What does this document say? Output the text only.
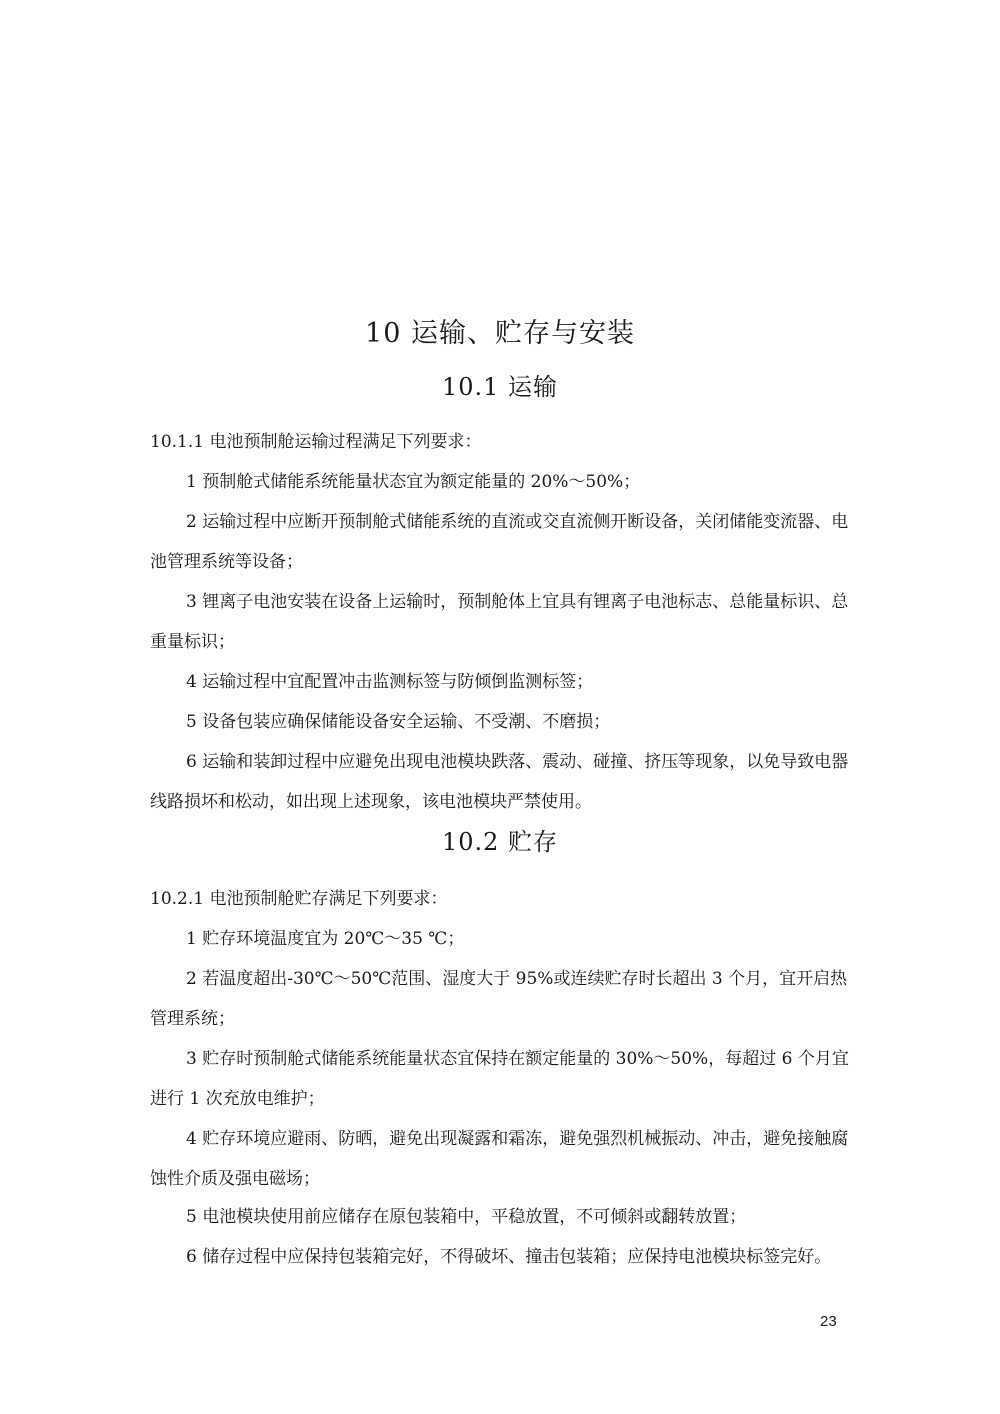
10 运输、贮存与安装
10.1 运输

10.1.1 电池预制舱运输过程满足下列要求：

1 预制舱式储能系统能量状态宜为额定能量的 20%～50%；

2 运输过程中应断开预制舱式储能系统的直流或交直流侧开断设备，关闭储能变流器、电池管理系统等设备；

3 锂离子电池安装在设备上运输时，预制舱体上宜具有锂离子电池标志、总能量标识、总重量标识；

4 运输过程中宜配置冲击监测标签与防倾倒监测标签；

5 设备包装应确保储能设备安全运输、不受潮、不磨损；

6 运输和装卸过程中应避免出现电池模块跌落、震动、碰撞、挤压等现象，以免导致电器线路损坏和松动，如出现上述现象，该电池模块严禁使用。

10.2 贮存

10.2.1 电池预制舱贮存满足下列要求：

1 贮存环境温度宜为 20℃～35 ℃；

2 若温度超出-30℃～50℃范围、湿度大于 95%或连续贮存时长超出 3 个月，宜开启热管理系统；

3 贮存时预制舱式储能系统能量状态宜保持在额定能量的 30%～50%，每超过 6 个月宜进行 1 次充放电维护；

4 贮存环境应避雨、防晒，避免出现凝露和霜冻，避免强烈机械振动、冲击，避免接触腐蚀性介质及强电磁场；

5 电池模块使用前应储存在原包装箱中，平稳放置，不可倾斜或翻转放置；

6 储存过程中应保持包装箱完好，不得破坏、撞击包装箱；应保持电池模块标签完好。

23
